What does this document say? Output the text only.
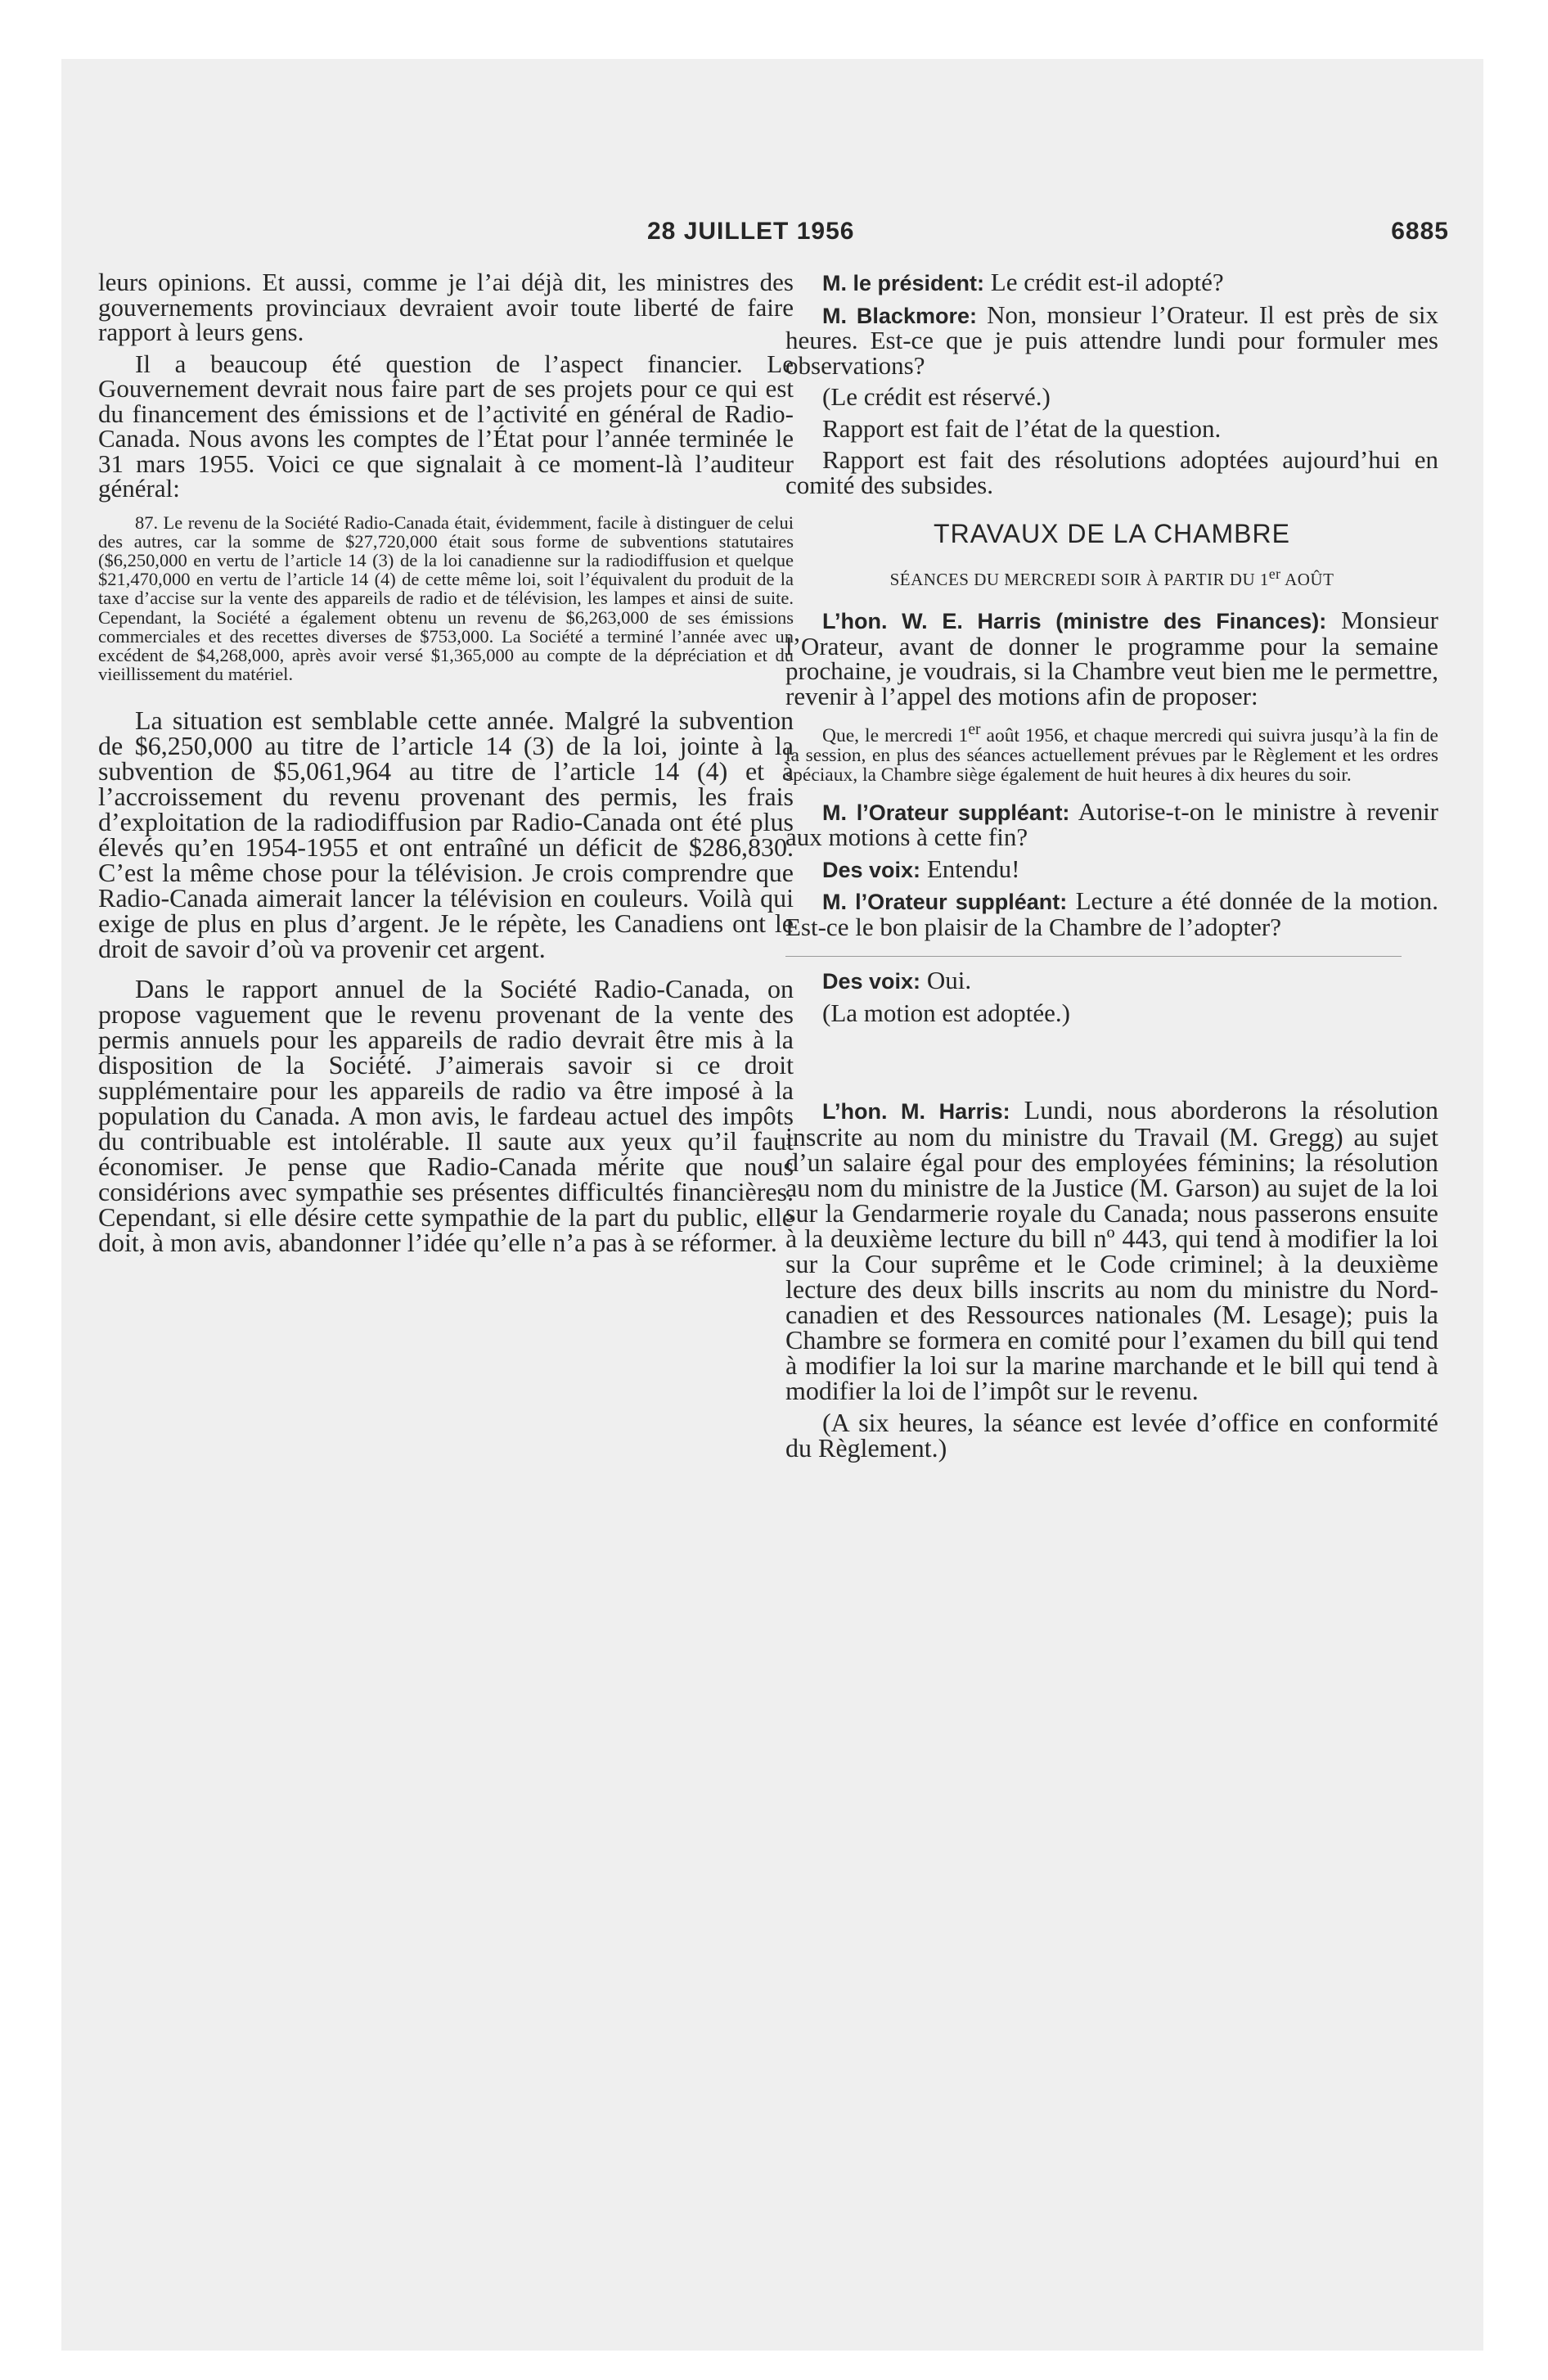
28 JUILLET 1956	6885

leurs opinions. Et aussi, comme je l’ai déjà dit, les ministres des gouvernements provinciaux devraient avoir toute liberté de faire rapport à leurs gens.

Il a beaucoup été question de l’aspect financier. Le Gouvernement devrait nous faire part de ses projets pour ce qui est du financement des émissions et de l’activité en général de Radio-Canada. Nous avons les comptes de l’État pour l’année terminée le 31 mars 1955. Voici ce que signalait à ce moment-là l’auditeur général:

87. Le revenu de la Société Radio-Canada était, évidemment, facile à distinguer de celui des autres, car la somme de $27,720,000 était sous forme de subventions statutaires ($6,250,000 en vertu de l’article 14 (3) de la loi canadienne sur la radiodiffusion et quelque $21,470,000 en vertu de l’article 14 (4) de cette même loi, soit l’équivalent du produit de la taxe d’accise sur la vente des appareils de radio et de télévision, les lampes et ainsi de suite. Cependant, la Société a également obtenu un revenu de $6,263,000 de ses émissions commerciales et des recettes diverses de $753,000. La Société a terminé l’année avec un excédent de $4,268,000, après avoir versé $1,365,000 au compte de la dépréciation et du vieillissement du matériel.

La situation est semblable cette année. Malgré la subvention de $6,250,000 au titre de l’article 14 (3) de la loi, jointe à la subvention de $5,061,964 au titre de l’article 14 (4) et à l’accroissement du revenu provenant des permis, les frais d’exploitation de la radiodiffusion par Radio-Canada ont été plus élevés qu’en 1954-1955 et ont entraîné un déficit de $286,830. C’est la même chose pour la télévision. Je crois comprendre que Radio-Canada aimerait lancer la télévision en couleurs. Voilà qui exige de plus en plus d’argent. Je le répète, les Canadiens ont le droit de savoir d’où va provenir cet argent.

Dans le rapport annuel de la Société Radio-Canada, on propose vaguement que le revenu provenant de la vente des permis annuels pour les appareils de radio devrait être mis à la disposition de la Société. J’aimerais savoir si ce droit supplémentaire pour les appareils de radio va être imposé à la population du Canada. A mon avis, le fardeau actuel des impôts du contribuable est intolérable. Il saute aux yeux qu’il faut économiser. Je pense que Radio-Canada mérite que nous considérions avec sympathie ses présentes difficultés financières. Cependant, si elle désire cette sympathie de la part du public, elle doit, à mon avis, abandonner l’idée qu’elle n’a pas à se réformer.

M. le président: Le crédit est-il adopté?

M. Blackmore: Non, monsieur l’Orateur. Il est près de six heures. Est-ce que je puis attendre lundi pour formuler mes observations?

(Le crédit est réservé.)

Rapport est fait de l’état de la question.

Rapport est fait des résolutions adoptées aujourd’hui en comité des subsides.

TRAVAUX DE LA CHAMBRE
SÉANCES DU MERCREDI SOIR À PARTIR DU 1er AOÛT

L’hon. W. E. Harris (ministre des Finances): Monsieur l’Orateur, avant de donner le programme pour la semaine prochaine, je voudrais, si la Chambre veut bien me le permettre, revenir à l’appel des motions afin de proposer:

Que, le mercredi 1er août 1956, et chaque mercredi qui suivra jusqu’à la fin de la session, en plus des séances actuellement prévues par le Règlement et les ordres spéciaux, la Chambre siège également de huit heures à dix heures du soir.

M. l’Orateur suppléant: Autorise-t-on le ministre à revenir aux motions à cette fin?

Des voix: Entendu!

M. l’Orateur suppléant: Lecture a été donnée de la motion. Est-ce le bon plaisir de la Chambre de l’adopter?

Des voix: Oui.

(La motion est adoptée.)

L’hon. M. Harris: Lundi, nous aborderons la résolution inscrite au nom du ministre du Travail (M. Gregg) au sujet d’un salaire égal pour des employées féminins; la résolution au nom du ministre de la Justice (M. Garson) au sujet de la loi sur la Gendarmerie royale du Canada; nous passerons ensuite à la deuxième lecture du bill nº 443, qui tend à modifier la loi sur la Cour suprême et le Code criminel; à la deuxième lecture des deux bills inscrits au nom du ministre du Nord-canadien et des Ressources nationales (M. Lesage); puis la Chambre se formera en comité pour l’examen du bill qui tend à modifier la loi sur la marine marchande et le bill qui tend à modifier la loi de l’impôt sur le revenu.

(A six heures, la séance est levée d’office en conformité du Règlement.)
